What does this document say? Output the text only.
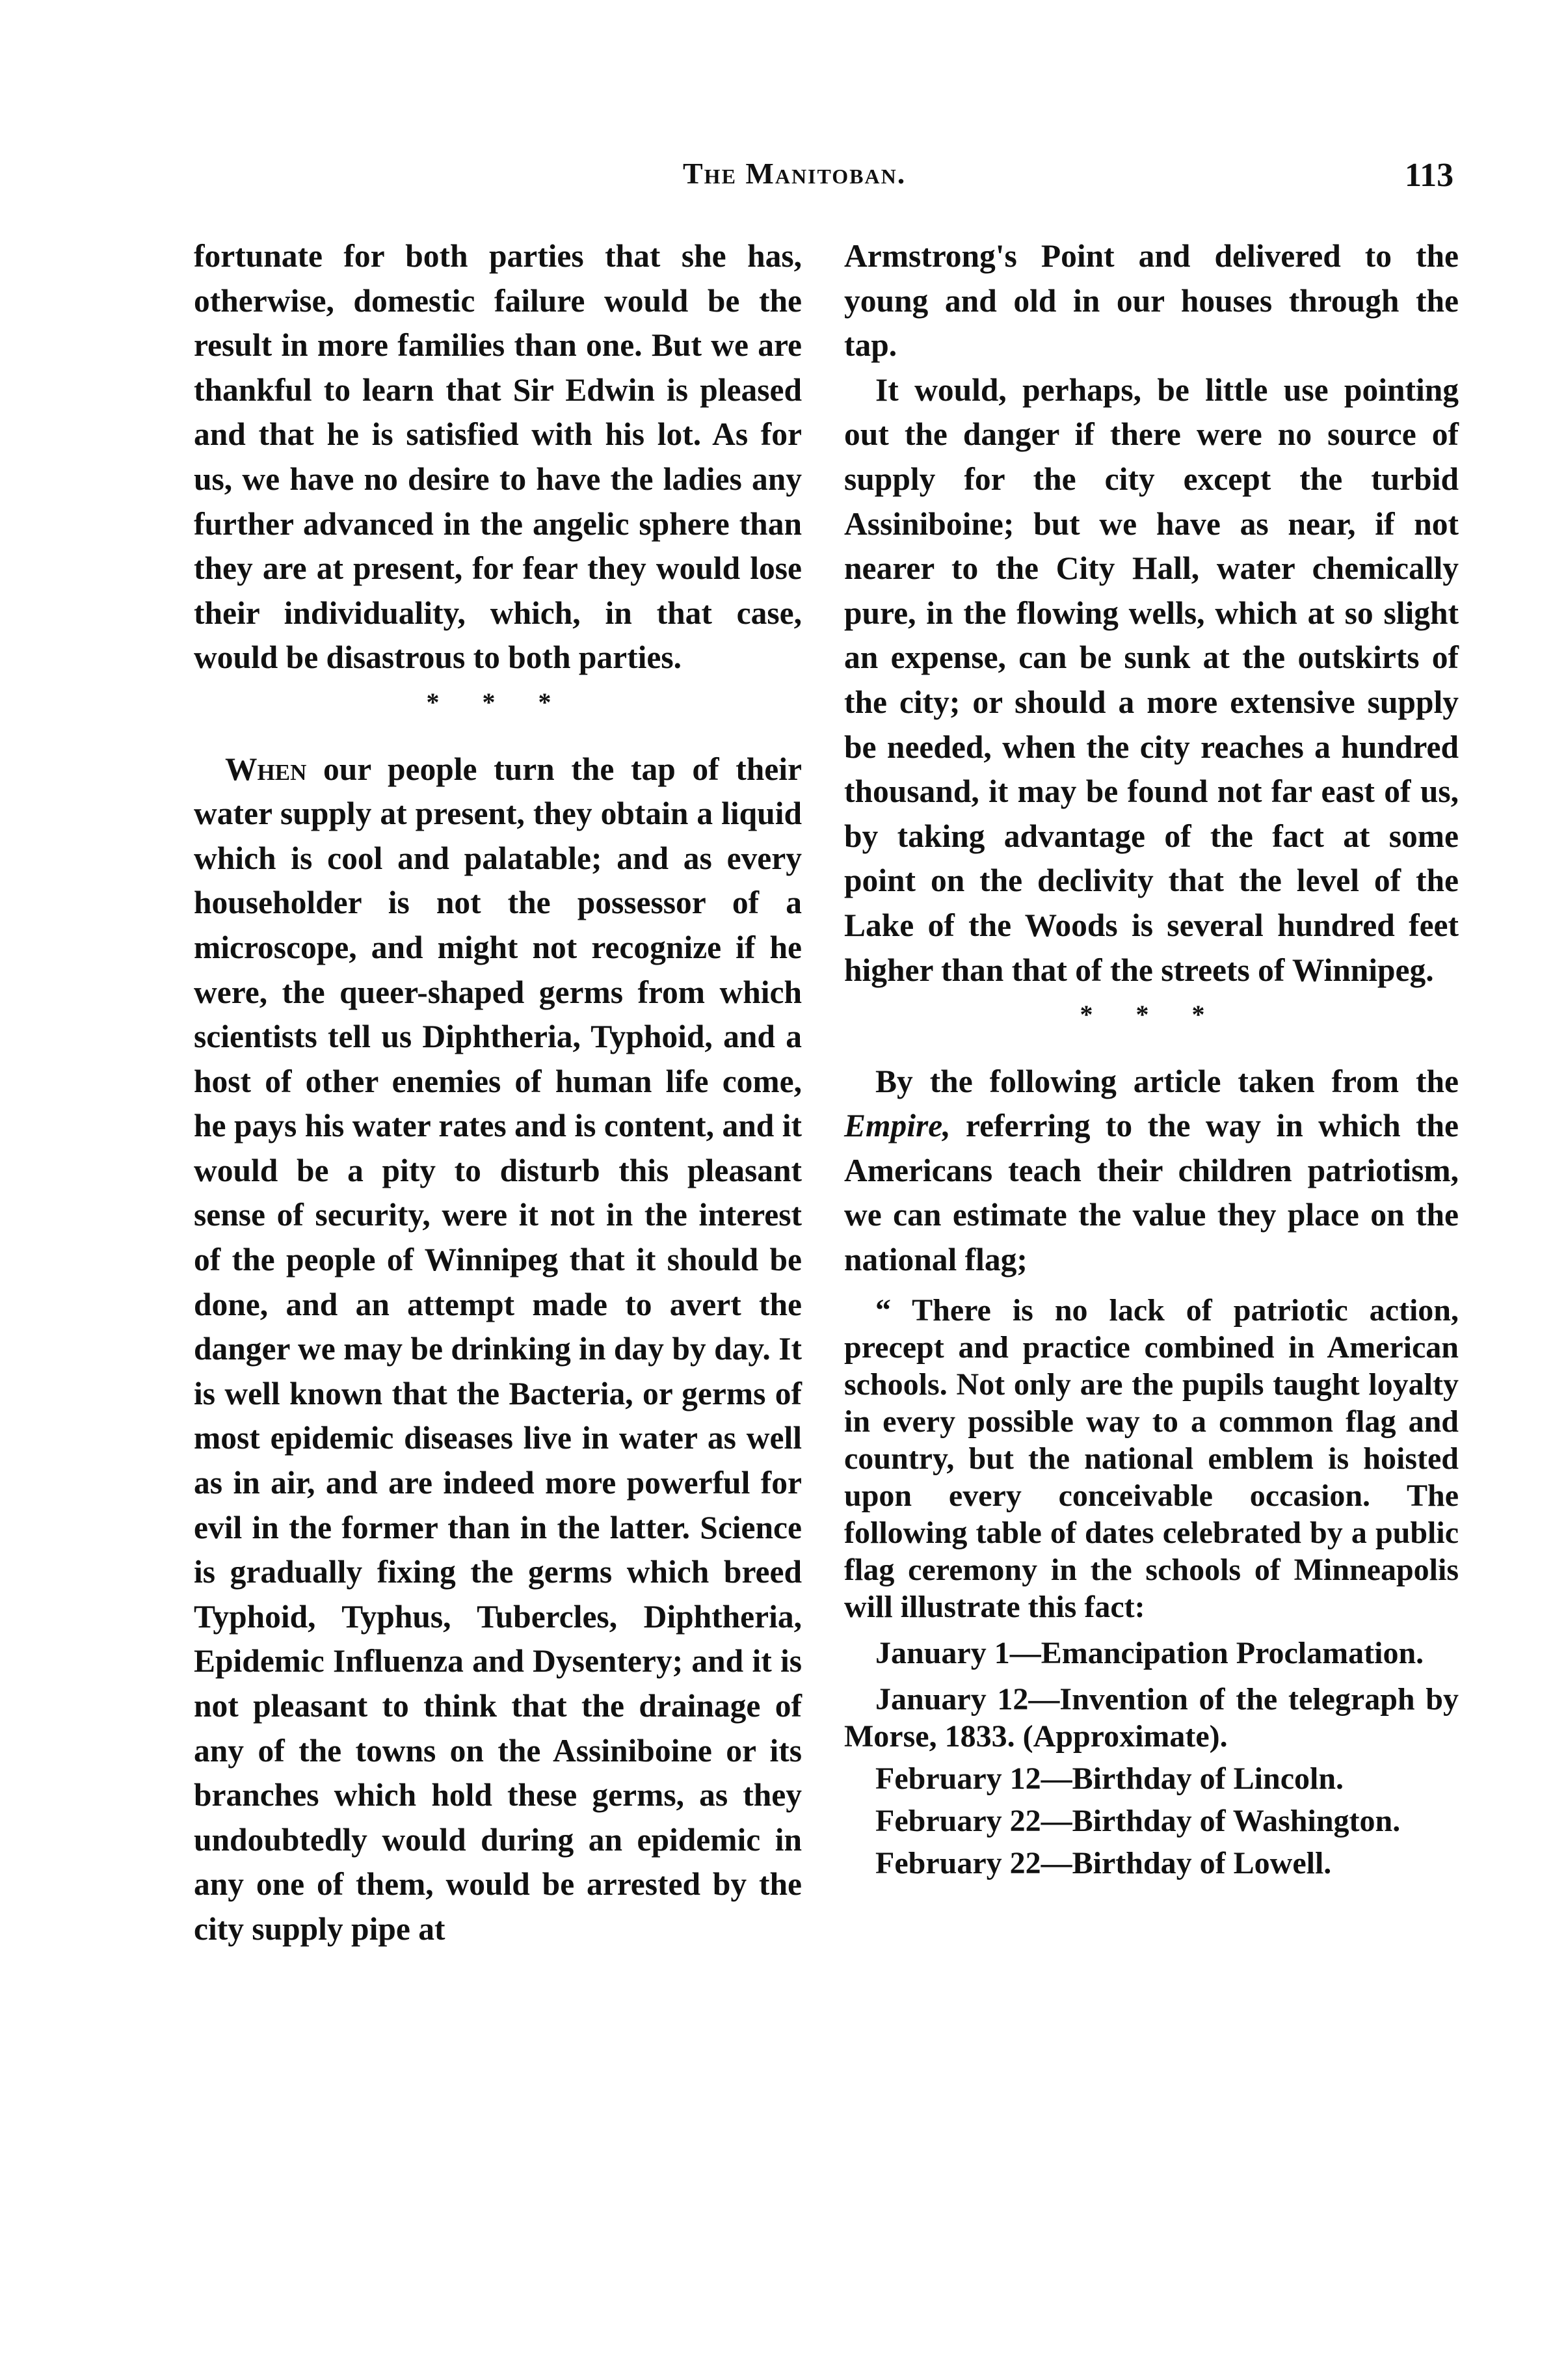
The Manitoban.	113

fortunate for both parties that she has, otherwise, domestic failure would be the result in more families than one. But we are thankful to learn that Sir Edwin is pleased and that he is satisfied with his lot. As for us, we have no desire to have the ladies any further advanced in the angelic sphere than they are at present, for fear they would lose their individuality, which, in that case, would be disastrous to both parties.

* * *

When our people turn the tap of their water supply at present, they obtain a liquid which is cool and palatable; and as every householder is not the possessor of a microscope, and might not recognize if he were, the queer-shaped germs from which scientists tell us Diphtheria, Typhoid, and a host of other enemies of human life come, he pays his water rates and is content, and it would be a pity to disturb this pleasant sense of security, were it not in the interest of the people of Winnipeg that it should be done, and an attempt made to avert the danger we may be drinking in day by day. It is well known that the Bacteria, or germs of most epidemic diseases live in water as well as in air, and are indeed more powerful for evil in the former than in the latter. Science is gradually fixing the germs which breed Typhoid, Typhus, Tubercles, Diphtheria, Epidemic Influenza and Dysentery; and it is not pleasant to think that the drainage of any of the towns on the Assiniboine or its branches which hold these germs, as they undoubtedly would during an epidemic in any one of them, would be arrested by the city supply pipe at

Armstrong's Point and delivered to the young and old in our houses through the tap.

It would, perhaps, be little use pointing out the danger if there were no source of supply for the city except the turbid Assiniboine; but we have as near, if not nearer to the City Hall, water chemically pure, in the flowing wells, which at so slight an expense, can be sunk at the outskirts of the city; or should a more extensive supply be needed, when the city reaches a hundred thousand, it may be found not far east of us, by taking advantage of the fact at some point on the declivity that the level of the Lake of the Woods is several hundred feet higher than that of the streets of Winnipeg.

* * *

By the following article taken from the Empire, referring to the way in which the Americans teach their children patriotism, we can estimate the value they place on the national flag;

“ There is no lack of patriotic action, precept and practice combined in American schools. Not only are the pupils taught loyalty in every possible way to a common flag and country, but the national emblem is hoisted upon every conceivable occasion. The following table of dates celebrated by a public flag ceremony in the schools of Minneapolis will illustrate this fact:

January 1—Emancipation Proclamation.

January 12—Invention of the telegraph by Morse, 1833. (Approximate).

February 12—Birthday of Lincoln.

February 22—Birthday of Washington.

February 22—Birthday of Lowell.
